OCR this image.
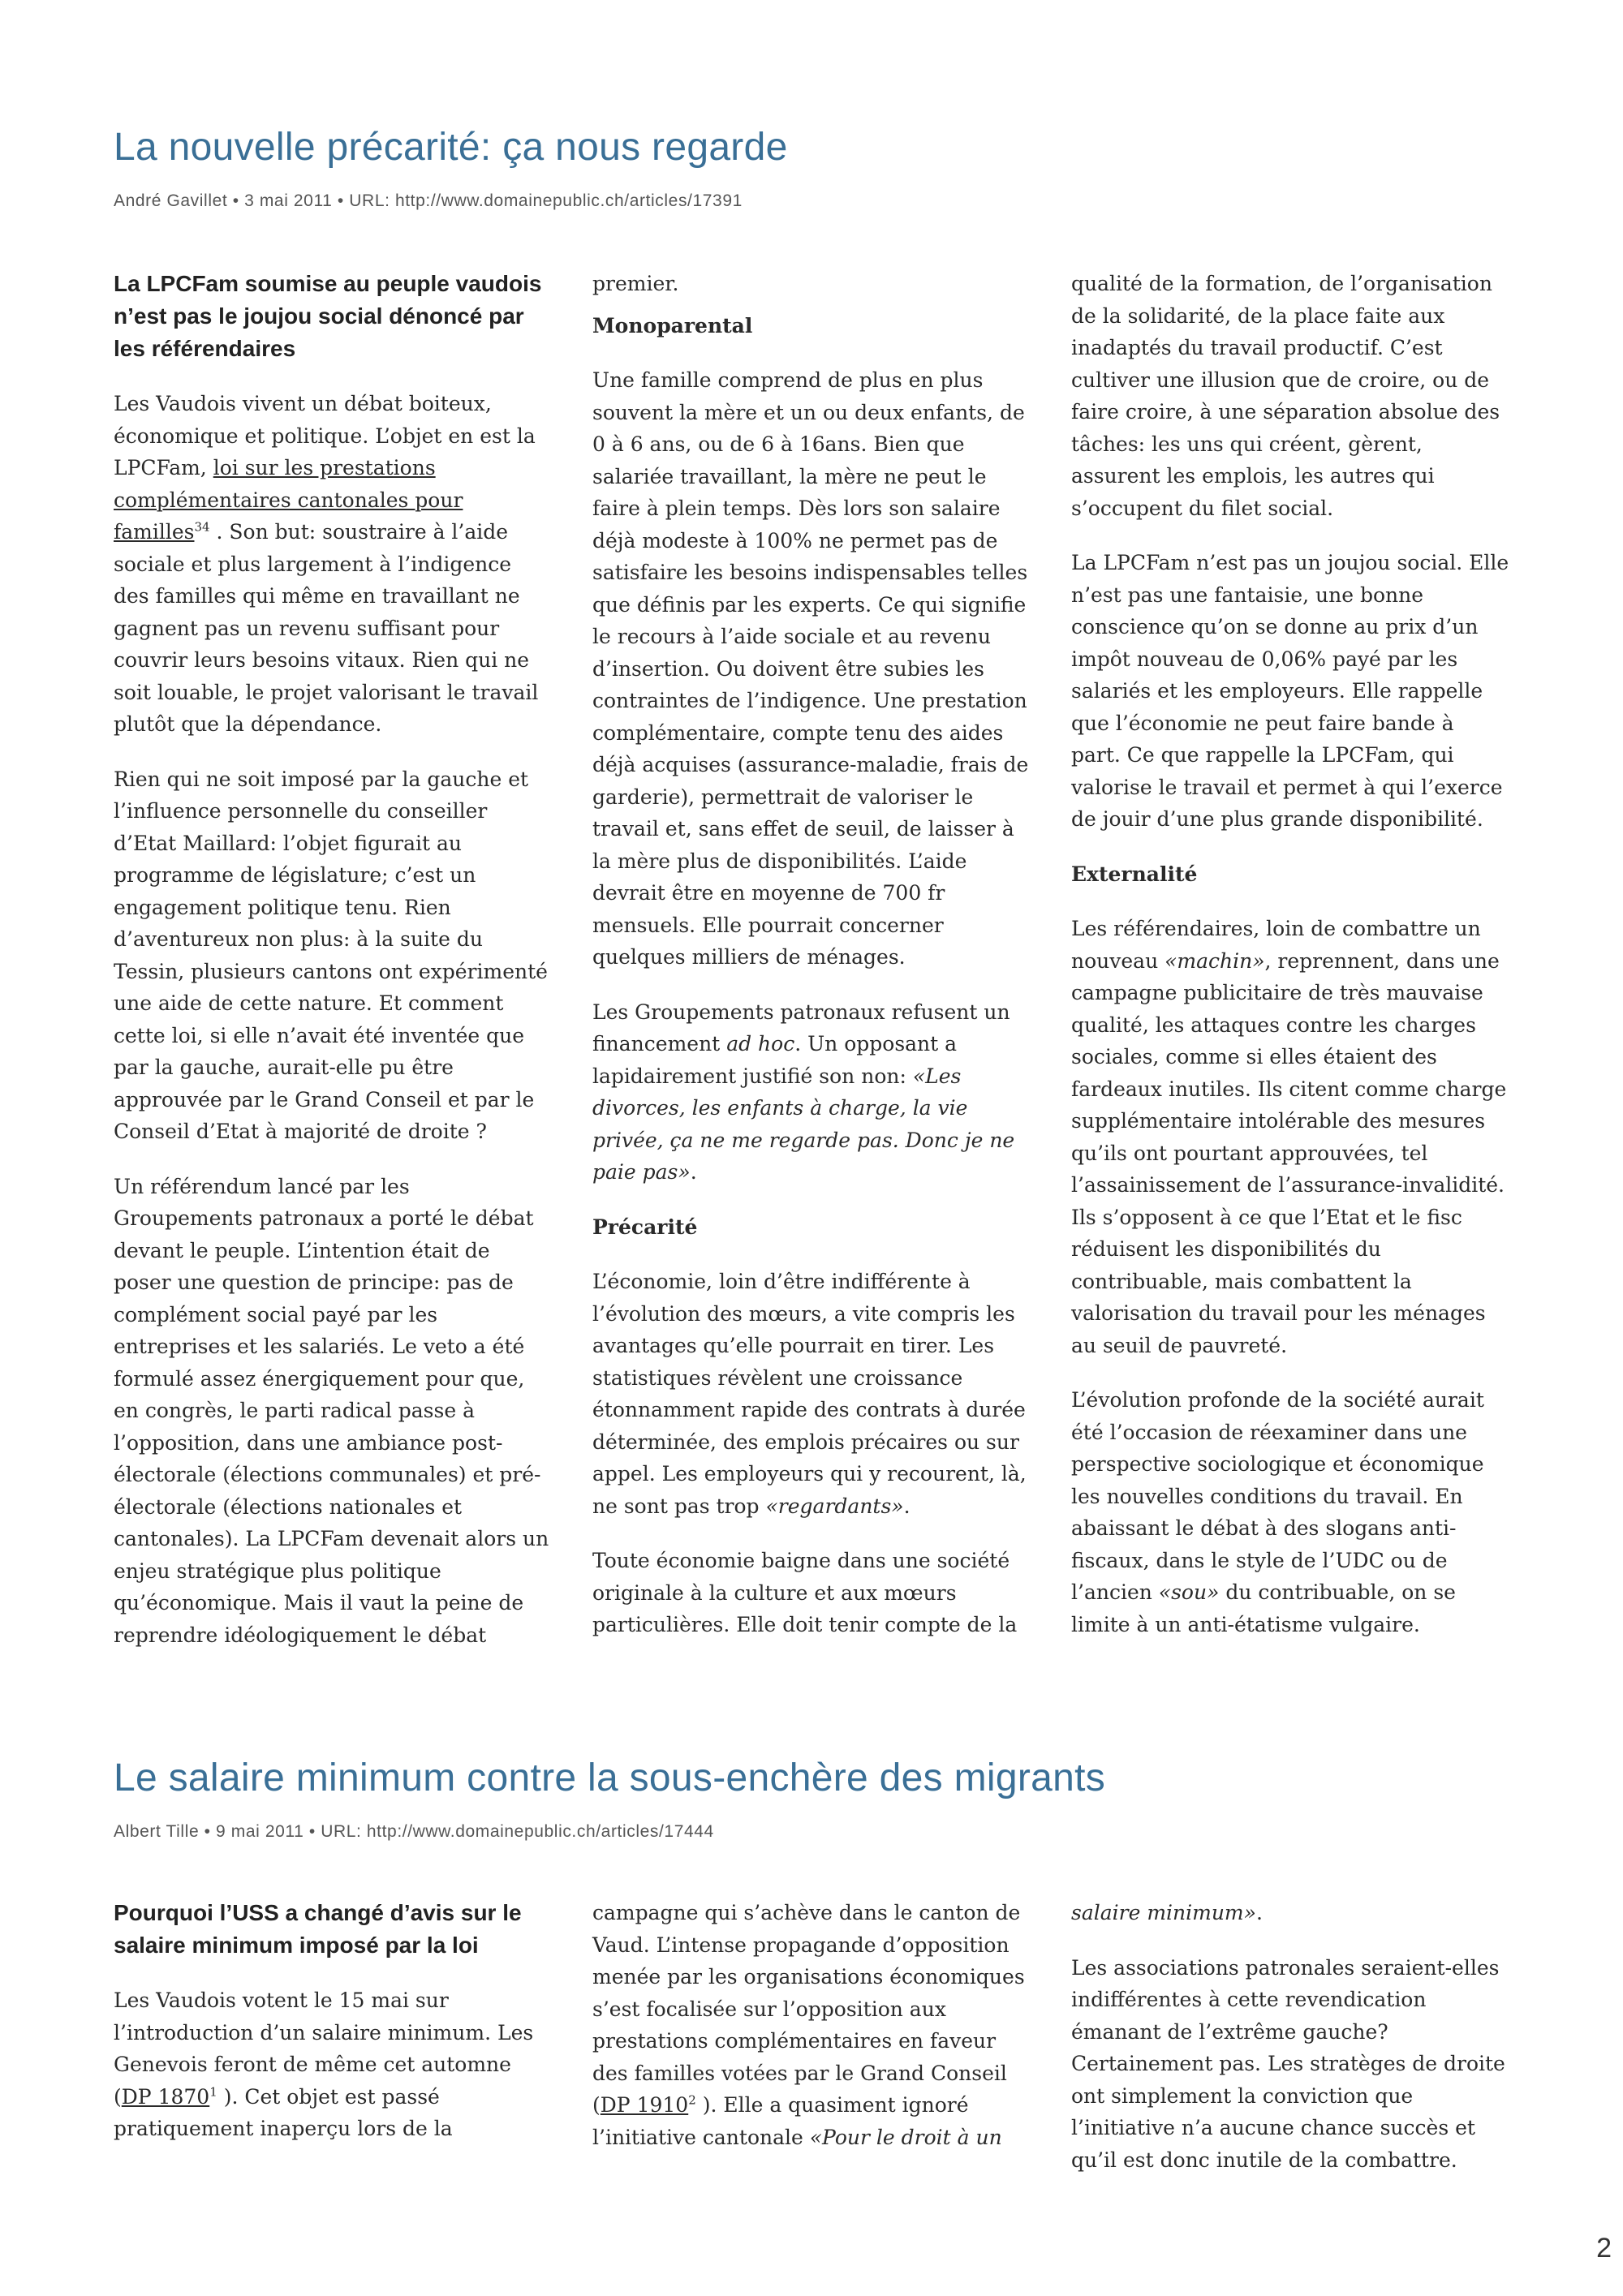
La nouvelle précarité: ça nous regarde
André Gavillet • 3 mai 2011 • URL: http://www.domainepublic.ch/articles/17391
La LPCFam soumise au peuple vaudois n’est pas le joujou social dénoncé par les référendaires

Les Vaudois vivent un débat boiteux, économique et politique. L’objet en est la LPCFam, loi sur les prestations complémentaires cantonales pour familles$^{34}$ . Son but: soustraire à l’aide sociale et plus largement à l’indigence des familles qui même en travaillant ne gagnent pas un revenu suffisant pour couvrir leurs besoins vitaux. Rien qui ne soit louable, le projet valorisant le travail plutôt que la dépendance.

Rien qui ne soit imposé par la gauche et l’influence personnelle du conseiller d’Etat Maillard: l’objet figurait au programme de législature; c’est un engagement politique tenu. Rien d’aventureux non plus: à la suite du Tessin, plusieurs cantons ont expérimenté une aide de cette nature. Et comment cette loi, si elle n’avait été inventée que par la gauche, aurait-elle pu être approuvée par le Grand Conseil et par le Conseil d’Etat à majorité de droite ?

Un référendum lancé par les Groupements patronaux a porté le débat devant le peuple. L’intention était de poser une question de principe: pas de complément social payé par les entreprises et les salariés. Le veto a été formulé assez énergiquement pour que, en congrès, le parti radical passe à l’opposition, dans une ambiance post-électorale (élections communales) et pré-électorale (élections nationales et cantonales). La LPCFam devenait alors un enjeu stratégique plus politique qu’économique. Mais il vaut la peine de reprendre idéologiquement le débat

premier.

Monoparental

Une famille comprend de plus en plus souvent la mère et un ou deux enfants, de 0 à 6 ans, ou de 6 à 16ans. Bien que salariée travaillant, la mère ne peut le faire à plein temps. Dès lors son salaire déjà modeste à 100% ne permet pas de satisfaire les besoins indispensables telles que définis par les experts. Ce qui signifie le recours à l’aide sociale et au revenu d’insertion. Ou doivent être subies les contraintes de l’indigence. Une prestation complémentaire, compte tenu des aides déjà acquises (assurance-maladie, frais de garderie), permettrait de valoriser le travail et, sans effet de seuil, de laisser à la mère plus de disponibilités. L’aide devrait être en moyenne de 700 fr mensuels. Elle pourrait concerner quelques milliers de ménages.

Les Groupements patronaux refusent un financement ad hoc. Un opposant a lapidairement justifié son non: «Les divorces, les enfants à charge, la vie privée, ça ne me regarde pas. Donc je ne paie pas».

Précarité

L’économie, loin d’être indifférente à l’évolution des mœurs, a vite compris les avantages qu’elle pourrait en tirer. Les statistiques révèlent une croissance étonnamment rapide des contrats à durée déterminée, des emplois précaires ou sur appel. Les employeurs qui y recourent, là, ne sont pas trop «regardants».

Toute économie baigne dans une société originale à la culture et aux mœurs particulières. Elle doit tenir compte de la

qualité de la formation, de l’organisation de la solidarité, de la place faite aux inadaptés du travail productif. C’est cultiver une illusion que de croire, ou de faire croire, à une séparation absolue des tâches: les uns qui créent, gèrent, assurent les emplois, les autres qui s’occupent du filet social.

La LPCFam n’est pas un joujou social. Elle n’est pas une fantaisie, une bonne conscience qu’on se donne au prix d’un impôt nouveau de 0,06% payé par les salariés et les employeurs. Elle rappelle que l’économie ne peut faire bande à part. Ce que rappelle la LPCFam, qui valorise le travail et permet à qui l’exerce de jouir d’une plus grande disponibilité.

Externalité

Les référendaires, loin de combattre un nouveau «machin», reprennent, dans une campagne publicitaire de très mauvaise qualité, les attaques contre les charges sociales, comme si elles étaient des fardeaux inutiles. Ils citent comme charge supplémentaire intolérable des mesures qu’ils ont pourtant approuvées, tel l’assainissement de l’assurance-invalidité. Ils s’opposent à ce que l’Etat et le fisc réduisent les disponibilités du contribuable, mais combattent la valorisation du travail pour les ménages au seuil de pauvreté.

L’évolution profonde de la société aurait été l’occasion de réexaminer dans une perspective sociologique et économique les nouvelles conditions du travail. En abaissant le débat à des slogans anti-fiscaux, dans le style de l’UDC ou de l’ancien «sou» du contribuable, on se limite à un anti-étatisme vulgaire.

Le salaire minimum contre la sous-enchère des migrants
Albert Tille • 9 mai 2011 • URL: http://www.domainepublic.ch/articles/17444
Pourquoi l’USS a changé d’avis sur le salaire minimum imposé par la loi

Les Vaudois votent le 15 mai sur l’introduction d’un salaire minimum. Les Genevois feront de même cet automne (DP 1870$^1$ ). Cet objet est passé pratiquement inaperçu lors de la

campagne qui s’achève dans le canton de Vaud. L’intense propagande d’opposition menée par les organisations économiques s’est focalisée sur l’opposition aux prestations complémentaires en faveur des familles votées par le Grand Conseil (DP 1910$^2$ ). Elle a quasiment ignoré l’initiative cantonale «Pour le droit à un

salaire minimum».

Les associations patronales seraient-elles indifférentes à cette revendication émanant de l’extrême gauche? Certainement pas. Les stratèges de droite ont simplement la conviction que l’initiative n’a aucune chance succès et qu’il est donc inutile de la combattre.

2
